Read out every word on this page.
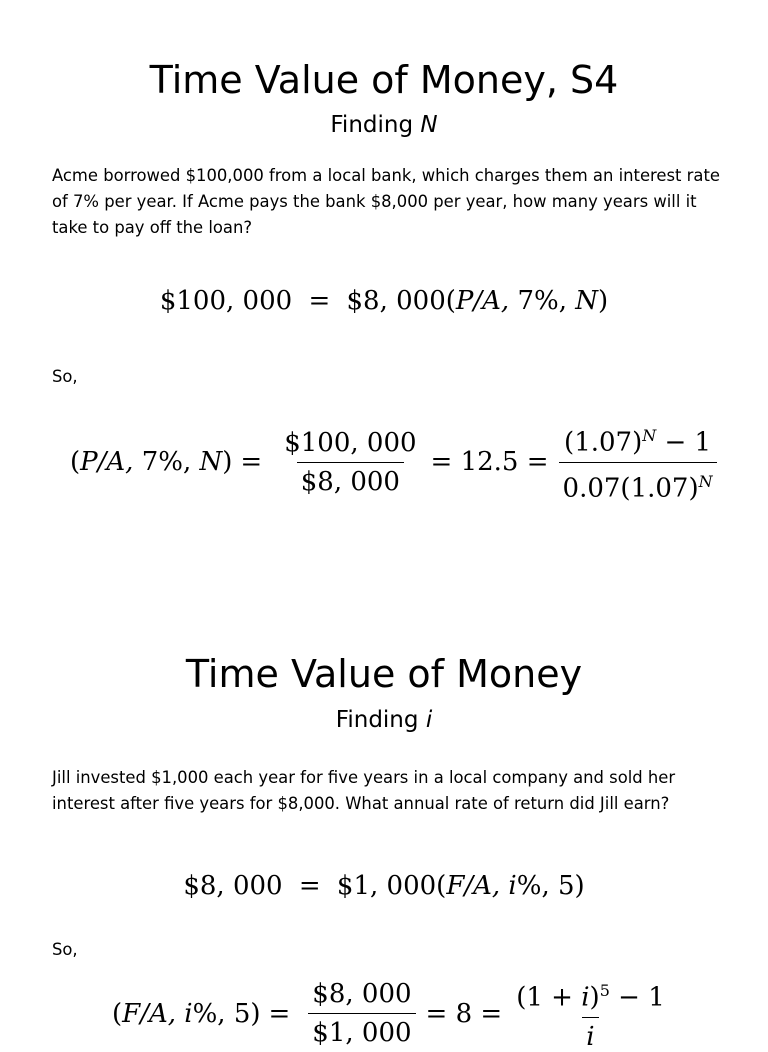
Time Value of Money, S4
Finding N
Acme borrowed $100,000 from a local bank, which charges them an interest rate of 7% per year. If Acme pays the bank $8,000 per year, how many years will it take to pay off the loan?
$100, 000 = $8, 000(P/A, 7%, N)
So,
( P/A,
7%,
N ) = $\frac{\$100, 000}{\$8, 000} = 12.5 = \frac{(1.07)^N - 1}{0.07(1.07)^N}$
Time Value of Money
Finding i
Jill invested $1,000 each year for five years in a local company and sold her interest after five years for $8,000. What annual rate of return did Jill earn?
$8, 000 = $1, 000(F/A, i%, 5)
So,
( F/A, i %, $5) = \frac{\$8, 000}{\$1, 000} = 8 = \frac{(1 + i)^5 - 1}{i}$
